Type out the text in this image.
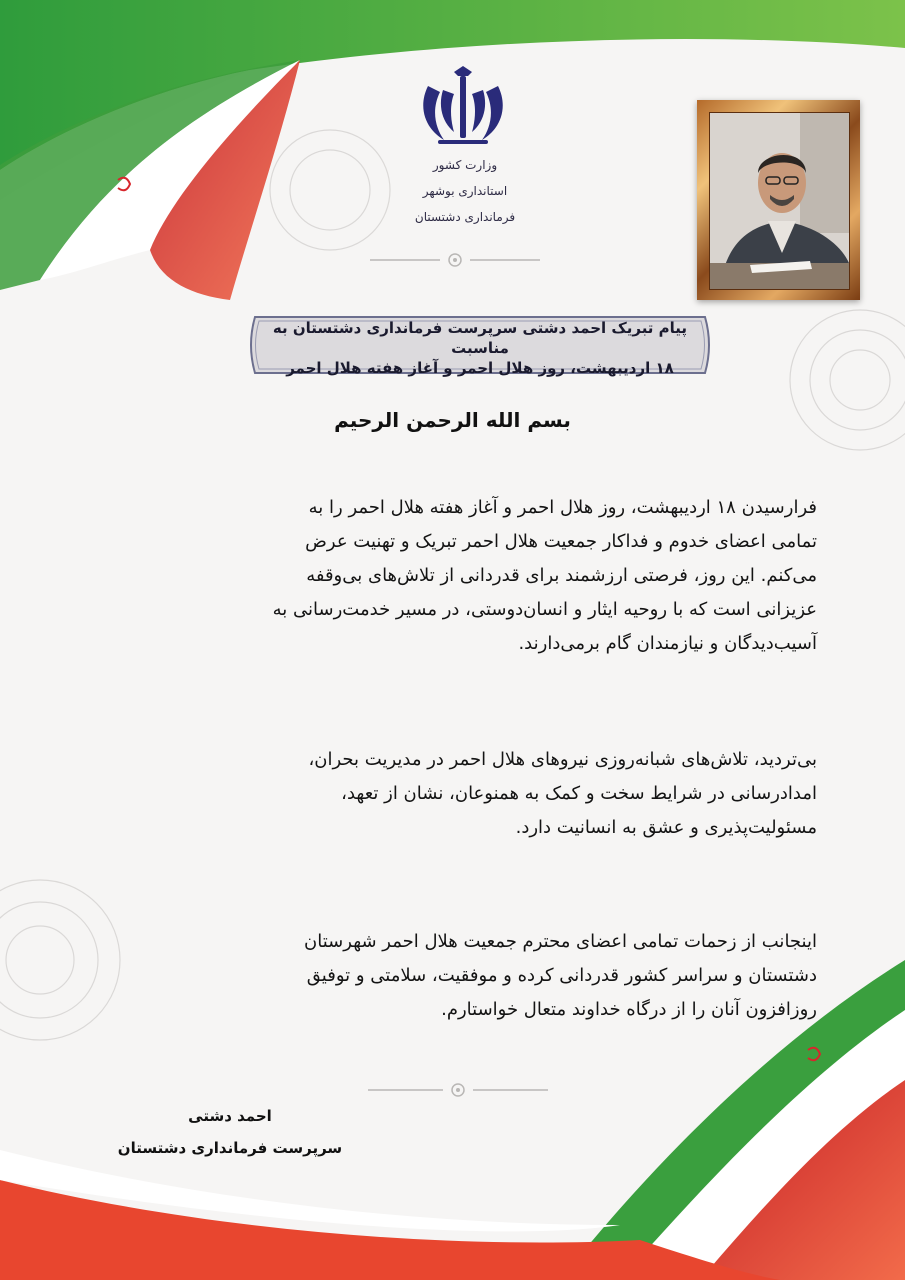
وزارت کشور
استانداری بوشهر
فرمانداری دشتستان
پیام تبریک احمد دشتی سرپرست فرمانداری دشتستان به مناسبت
۱۸ اردیبهشت، روز هلال احمر و آغاز هفته هلال احمر
بسم الله الرحمن الرحیم
فرارسیدن ۱۸ اردیبهشت، روز هلال احمر و آغاز هفته هلال احمر را به
تمامی اعضای خدوم و فداکار جمعیت هلال احمر تبریک و تهنیت عرض
می‌کنم. این روز، فرصتی ارزشمند برای قدردانی از تلاش‌های بی‌وقفه
عزیزانی است که با روحیه ایثار و انسان‌دوستی، در مسیر خدمت‌رسانی به
آسیب‌دیدگان و نیازمندان گام برمی‌دارند.
بی‌تردید، تلاش‌های شبانه‌روزی نیروهای هلال احمر در مدیریت بحران،
امدادرسانی در شرایط سخت و کمک به همنوعان، نشان از تعهد،
مسئولیت‌پذیری و عشق به انسانیت دارد.
اینجانب از زحمات تمامی اعضای محترم جمعیت هلال احمر شهرستان
دشتستان و سراسر کشور قدردانی کرده و موفقیت، سلامتی و توفیق
روزافزون آنان را از درگاه خداوند متعال خواستارم.
احمد دشتی
سرپرست فرمانداری دشتستان
